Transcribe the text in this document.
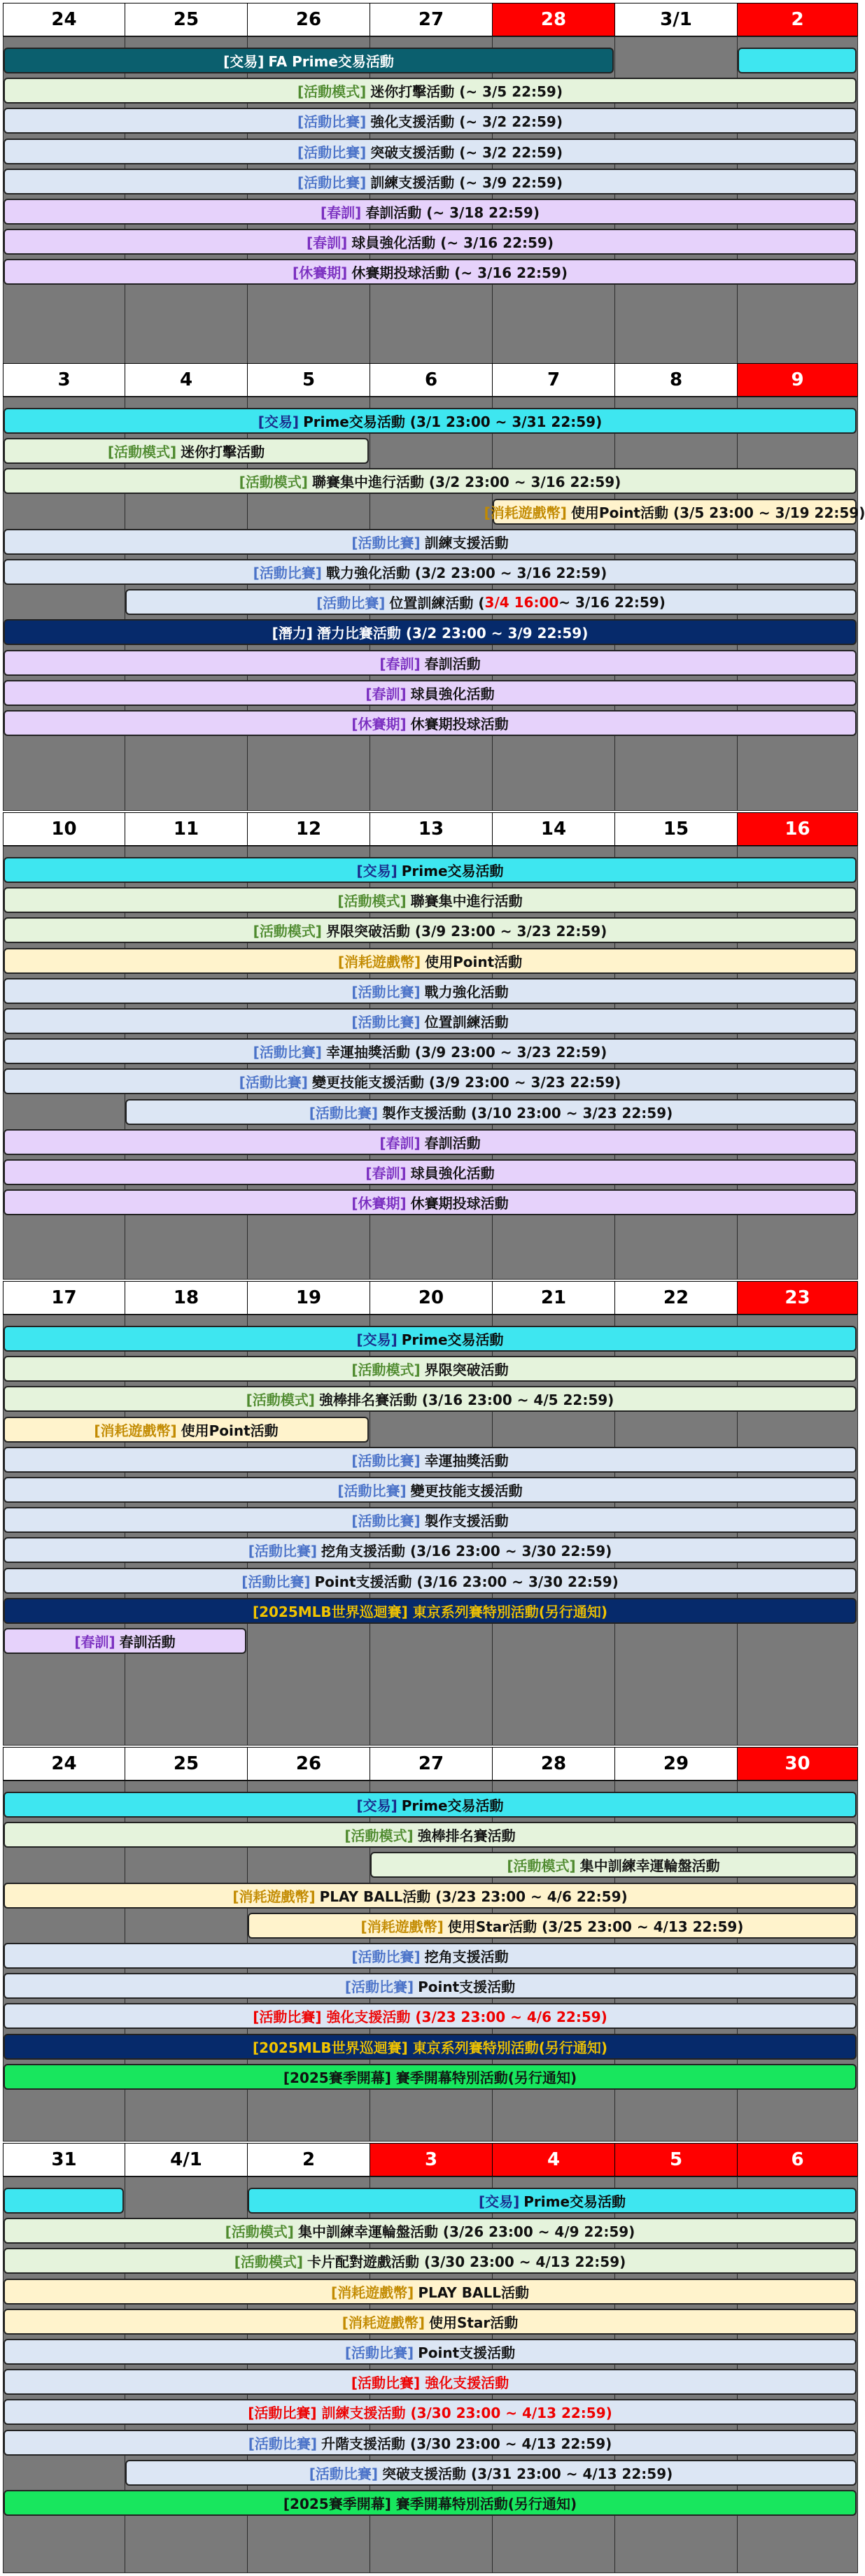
24	25	26	27	28	3/1	2
[交易] FA Prime交易活動
[活動模式] 迷你打擊活動 (~ 3/5 22:59)
[活動比賽] 強化支援活動 (~ 3/2 22:59)
[活動比賽] 突破支援活動 (~ 3/2 22:59)
[活動比賽] 訓練支援活動 (~ 3/9 22:59)
[春訓] 春訓活動 (~ 3/18 22:59)
[春訓] 球員強化活動 (~ 3/16 22:59)
[休賽期] 休賽期投球活動 (~ 3/16 22:59)
3	4	5	6	7	8	9
[交易] Prime交易活動 (3/1 23:00 ~ 3/31 22:59)
[活動模式] 迷你打擊活動
[活動模式] 聯賽集中進行活動 (3/2 23:00 ~ 3/16 22:59)
[消耗遊戲幣] 使用Point活動 (3/5 23:00 ~ 3/19 22:59)
[活動比賽] 訓練支援活動
[活動比賽] 戰力強化活動 (3/2 23:00 ~ 3/16 22:59)
[活動比賽] 位置訓練活動 ( 3/4 16:00 ~ 3/16 22:59)
[潛力] 潛力比賽活動 (3/2 23:00 ~ 3/9 22:59)
[春訓] 春訓活動
[春訓] 球員強化活動
[休賽期] 休賽期投球活動
10	11	12	13	14	15	16
[交易] Prime交易活動
[活動模式] 聯賽集中進行活動
[活動模式] 界限突破活動 (3/9 23:00 ~ 3/23 22:59)
[消耗遊戲幣] 使用Point活動
[活動比賽] 戰力強化活動
[活動比賽] 位置訓練活動
[活動比賽] 幸運抽獎活動 (3/9 23:00 ~ 3/23 22:59)
[活動比賽] 變更技能支援活動 (3/9 23:00 ~ 3/23 22:59)
[活動比賽] 製作支援活動 (3/10 23:00 ~ 3/23 22:59)
[春訓] 春訓活動
[春訓] 球員強化活動
[休賽期] 休賽期投球活動
17	18	19	20	21	22	23
[交易] Prime交易活動
[活動模式] 界限突破活動
[活動模式] 強棒排名賽活動 (3/16 23:00 ~ 4/5 22:59)
[消耗遊戲幣] 使用Point活動
[活動比賽] 幸運抽獎活動
[活動比賽] 變更技能支援活動
[活動比賽] 製作支援活動
[活動比賽] 挖角支援活動 (3/16 23:00 ~ 3/30 22:59)
[活動比賽] Point支援活動 (3/16 23:00 ~ 3/30 22:59)
[2025MLB世界巡迴賽] 東京系列賽特別活動(另行通知)
[春訓] 春訓活動
24	25	26	27	28	29	30
[交易] Prime交易活動
[活動模式] 強棒排名賽活動
[活動模式] 集中訓練幸運輪盤活動
[消耗遊戲幣] PLAY BALL活動 (3/23 23:00 ~ 4/6 22:59)
[消耗遊戲幣] 使用Star活動 (3/25 23:00 ~ 4/13 22:59)
[活動比賽] 挖角支援活動
[活動比賽] Point支援活動
[活動比賽] 強化支援活動 (3/23 23:00 ~ 4/6 22:59)
[2025MLB世界巡迴賽] 東京系列賽特別活動(另行通知)
[2025賽季開幕] 賽季開幕特別活動(另行通知)
31	4/1	2	3	4	5	6
[交易] Prime交易活動
[活動模式] 集中訓練幸運輪盤活動 (3/26 23:00 ~ 4/9 22:59)
[活動模式] 卡片配對遊戲活動 (3/30 23:00 ~ 4/13 22:59)
[消耗遊戲幣] PLAY BALL活動
[消耗遊戲幣] 使用Star活動
[活動比賽] Point支援活動
[活動比賽] 強化支援活動
[活動比賽] 訓練支援活動 (3/30 23:00 ~ 4/13 22:59)
[活動比賽] 升階支援活動 (3/30 23:00 ~ 4/13 22:59)
[活動比賽] 突破支援活動 (3/31 23:00 ~ 4/13 22:59)
[2025賽季開幕] 賽季開幕特別活動(另行通知)
